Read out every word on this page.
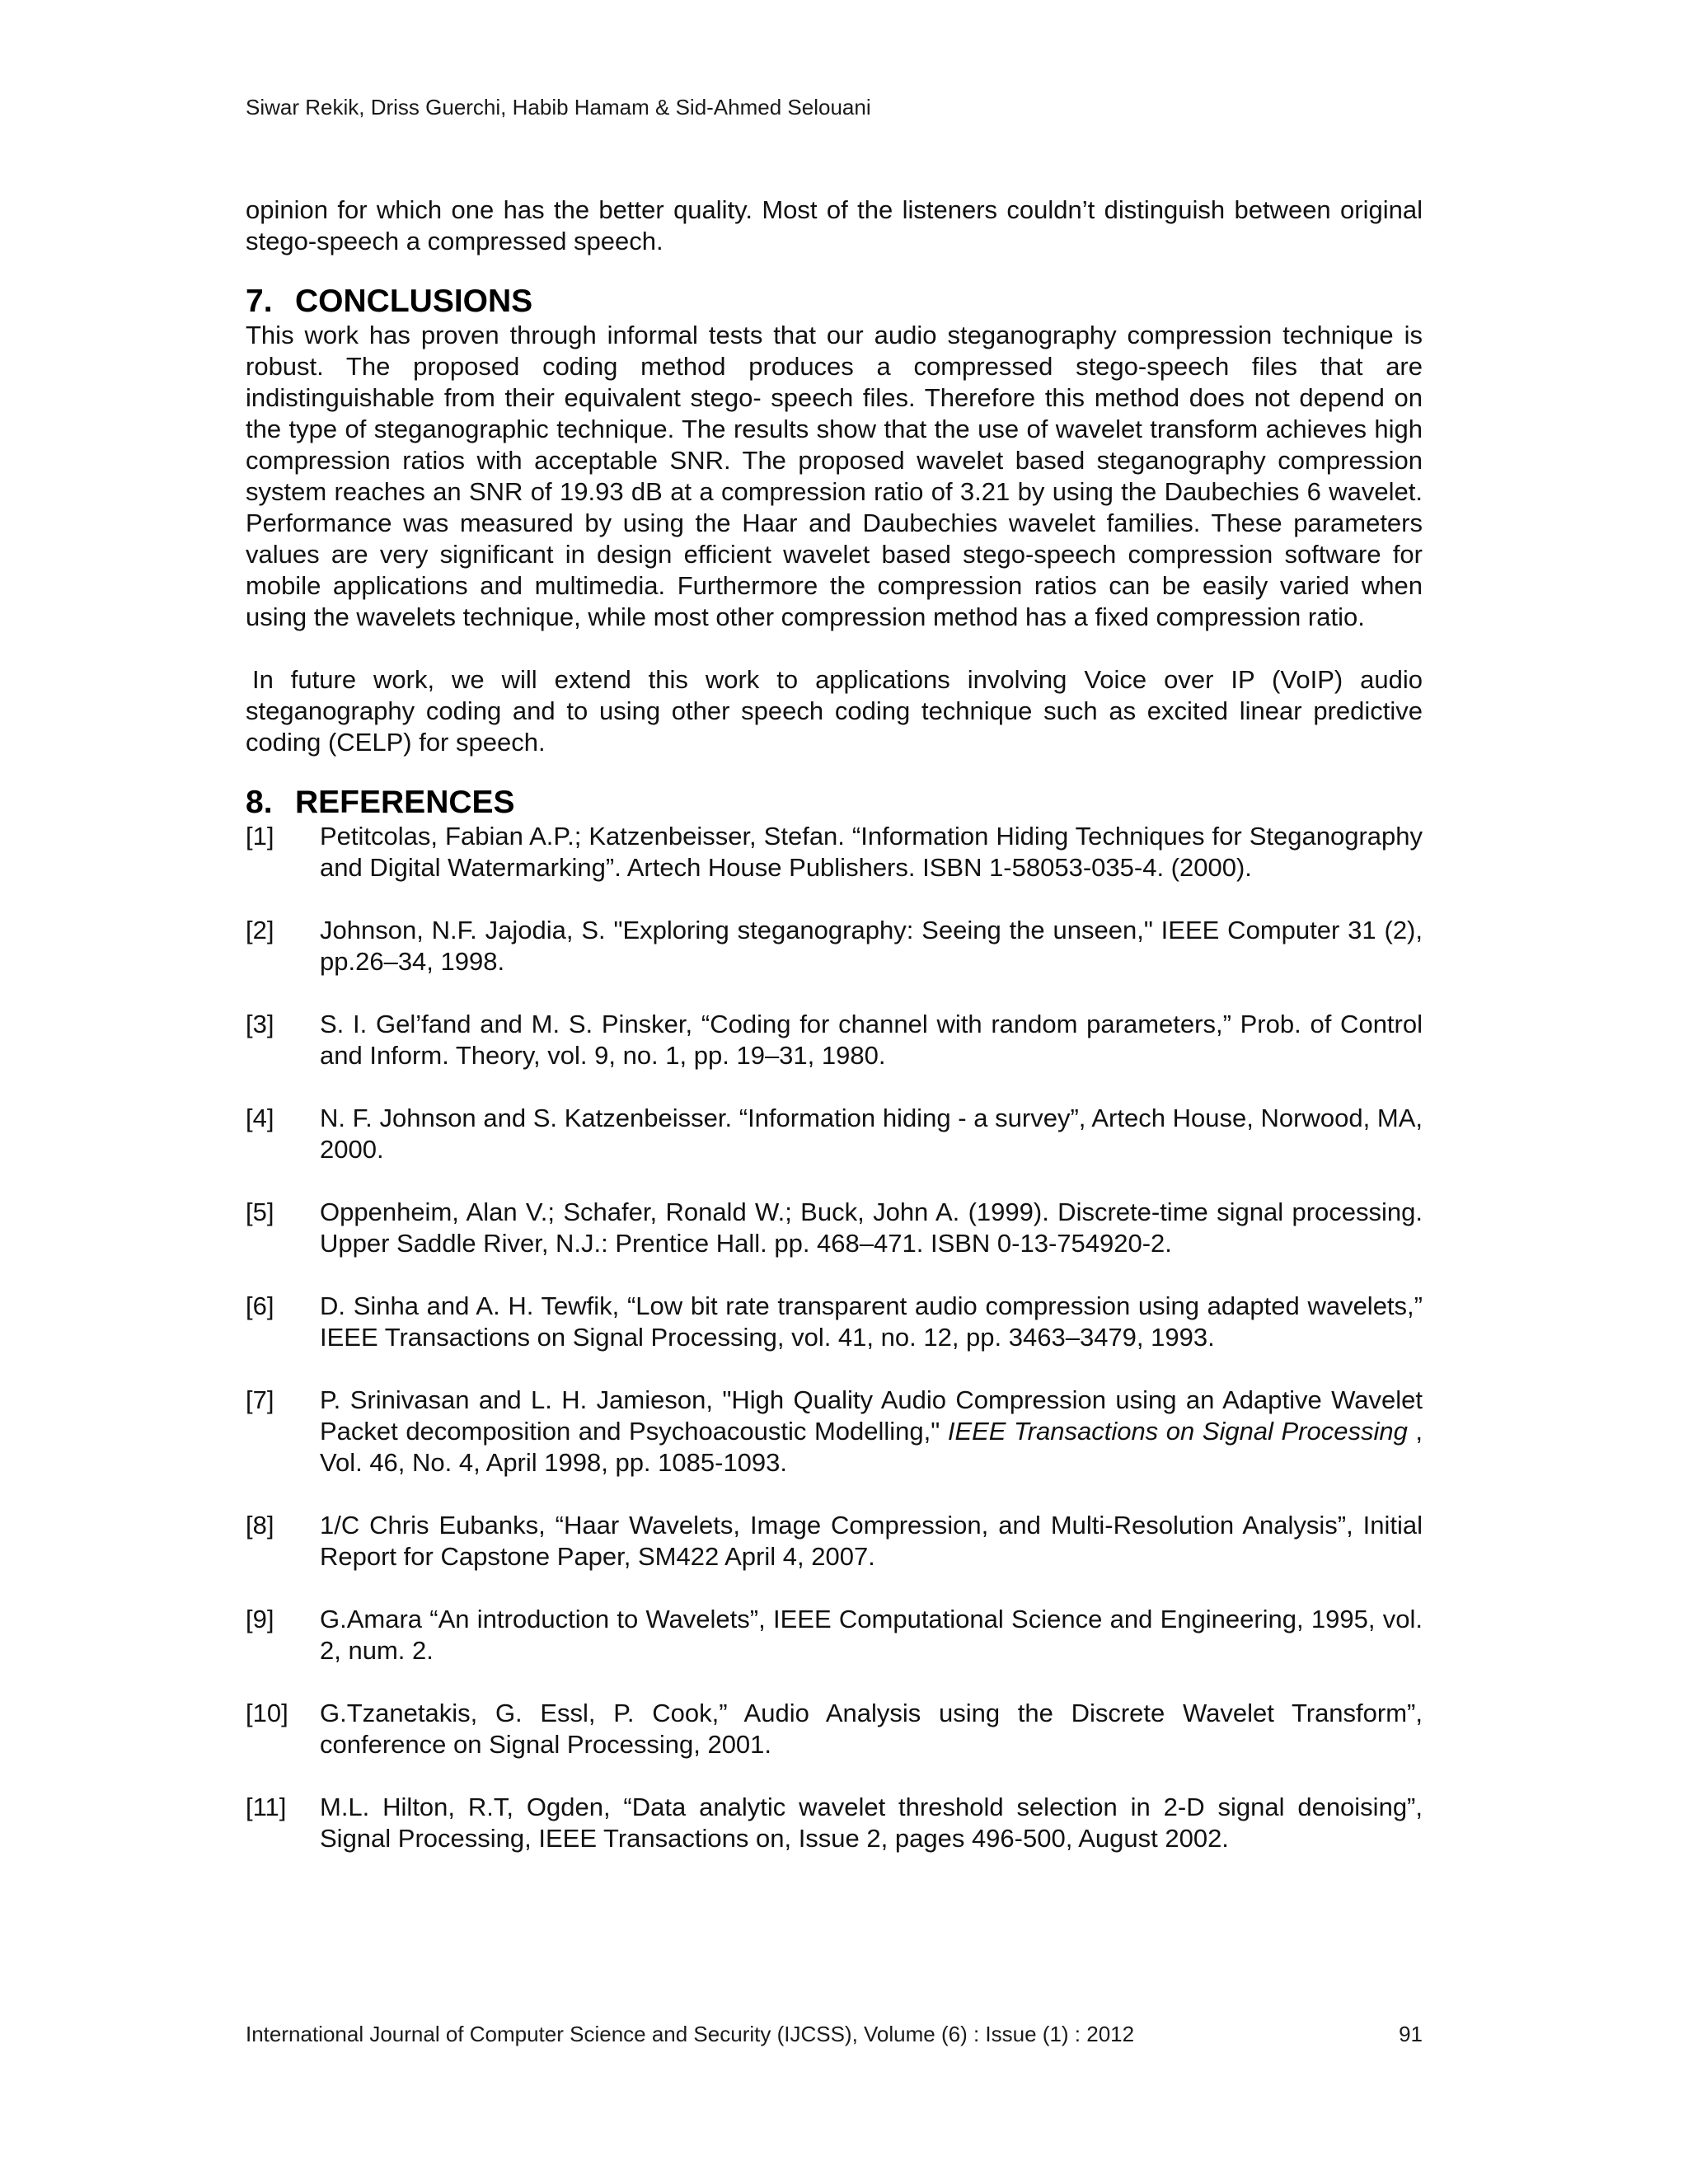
Siwar Rekik, Driss Guerchi, Habib Hamam & Sid-Ahmed Selouani

opinion for which one has the better quality. Most of the listeners couldn’t distinguish between original stego-speech a compressed speech.

7. CONCLUSIONS

This work has proven through informal tests that our audio steganography compression technique is robust. The proposed coding method produces a compressed stego-speech files that are indistinguishable from their equivalent stego- speech files. Therefore this method does not depend on the type of steganographic technique. The results show that the use of wavelet transform achieves high compression ratios with acceptable SNR. The proposed wavelet based steganography compression system reaches an SNR of 19.93 dB at a compression ratio of 3.21 by using the Daubechies 6 wavelet. Performance was measured by using the Haar and Daubechies wavelet families. These parameters values are very significant in design efficient wavelet based stego-speech compression software for mobile applications and multimedia. Furthermore the compression ratios can be easily varied when using the wavelets technique, while most other compression method has a fixed compression ratio.

In future work, we will extend this work to applications involving Voice over IP (VoIP) audio steganography coding and to using other speech coding technique such as excited linear predictive coding (CELP) for speech.

8. REFERENCES
[1]	Petitcolas, Fabian A.P.; Katzenbeisser, Stefan. “Information Hiding Techniques for Steganography and Digital Watermarking”. Artech House Publishers. ISBN 1-58053-035-4. (2000).
[2]	Johnson, N.F. Jajodia, S. "Exploring steganography: Seeing the unseen," IEEE Computer 31 (2), pp.26–34, 1998.
[3]	S. I. Gel’fand and M. S. Pinsker, “Coding for channel with random parameters,” Prob. of Control and Inform. Theory, vol. 9, no. 1, pp. 19–31, 1980.
[4]	N. F. Johnson and S. Katzenbeisser. “Information hiding - a survey”, Artech House, Norwood, MA, 2000.
[5]	Oppenheim, Alan V.; Schafer, Ronald W.; Buck, John A. (1999). Discrete-time signal processing. Upper Saddle River, N.J.: Prentice Hall. pp. 468–471. ISBN 0-13-754920-2.
[6]	D. Sinha and A. H. Tewfik, “Low bit rate transparent audio compression using adapted wavelets,” IEEE Transactions on Signal Processing, vol. 41, no. 12, pp. 3463–3479, 1993.
[7]	P. Srinivasan and L. H. Jamieson, "High Quality Audio Compression using an Adaptive Wavelet Packet decomposition and Psychoacoustic Modelling," IEEE Transactions on Signal Processing , Vol. 46, No. 4, April 1998, pp. 1085-1093.
[8]	1/C Chris Eubanks, “Haar Wavelets, Image Compression, and Multi-Resolution Analysis”, Initial Report for Capstone Paper, SM422 April 4, 2007.
[9]	G.Amara “An introduction to Wavelets”, IEEE Computational Science and Engineering, 1995, vol. 2, num. 2.
[10]	G.Tzanetakis, G. Essl, P. Cook,” Audio Analysis using the Discrete Wavelet Transform”, conference on Signal Processing, 2001.
[11]	M.L. Hilton, R.T, Ogden, “Data analytic wavelet threshold selection in 2-D signal denoising”, Signal Processing, IEEE Transactions on, Issue 2, pages 496-500, August 2002.
International Journal of Computer Science and Security (IJCSS), Volume (6) : Issue (1) : 2012	91
